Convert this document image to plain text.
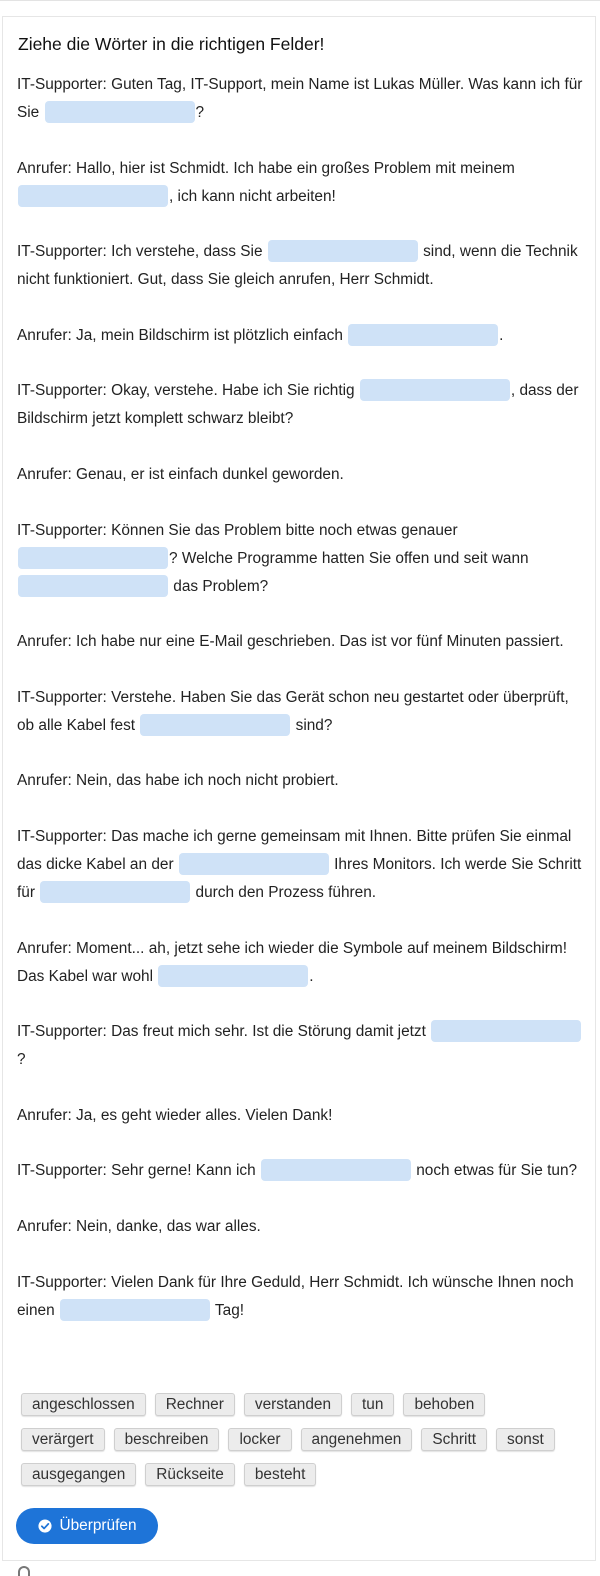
Ziehe die Wörter in die richtigen Felder!

IT-Supporter: Guten Tag, IT-Support, mein Name ist Lukas Müller. Was kann ich für Sie	?

Anrufer: Hallo, hier ist Schmidt. Ich habe ein großes Problem mit meinem , ich kann nicht arbeiten!

IT-Supporter: Ich verstehe, dass Sie	sind, wenn die Technik nicht funktioniert. Gut, dass Sie gleich anrufen, Herr Schmidt.

Anrufer: Ja, mein Bildschirm ist plötzlich einfach	.

IT-Supporter: Okay, verstehe. Habe ich Sie richtig	, dass der Bildschirm jetzt komplett schwarz bleibt?

Anrufer: Genau, er ist einfach dunkel geworden.

IT-Supporter: Können Sie das Problem bitte noch etwas genauer ? Welche Programme hatten Sie offen und seit wann  das Problem?

Anrufer: Ich habe nur eine E-Mail geschrieben. Das ist vor fünf Minuten passiert.

IT-Supporter: Verstehe. Haben Sie das Gerät schon neu gestartet oder überprüft, ob alle Kabel fest	sind?

Anrufer: Nein, das habe ich noch nicht probiert.

IT-Supporter: Das mache ich gerne gemeinsam mit Ihnen. Bitte prüfen Sie einmal das dicke Kabel an der	Ihres Monitors. Ich werde Sie Schritt für	durch den Prozess führen.

Anrufer: Moment... ah, jetzt sehe ich wieder die Symbole auf meinem Bildschirm! Das Kabel war wohl	.

IT-Supporter: Das freut mich sehr. Ist die Störung damit jetzt ?

Anrufer: Ja, es geht wieder alles. Vielen Dank!

IT-Supporter: Sehr gerne! Kann ich	noch etwas für Sie tun?

Anrufer: Nein, danke, das war alles.

IT-Supporter: Vielen Dank für Ihre Geduld, Herr Schmidt. Ich wünsche Ihnen noch einen	Tag!

angeschlossen	Rechner	verstanden	tun	behoben
verärgert	beschreiben	locker	angenehmen	Schritt	sonst
ausgegangen	Rückseite	besteht
Überprüfen
